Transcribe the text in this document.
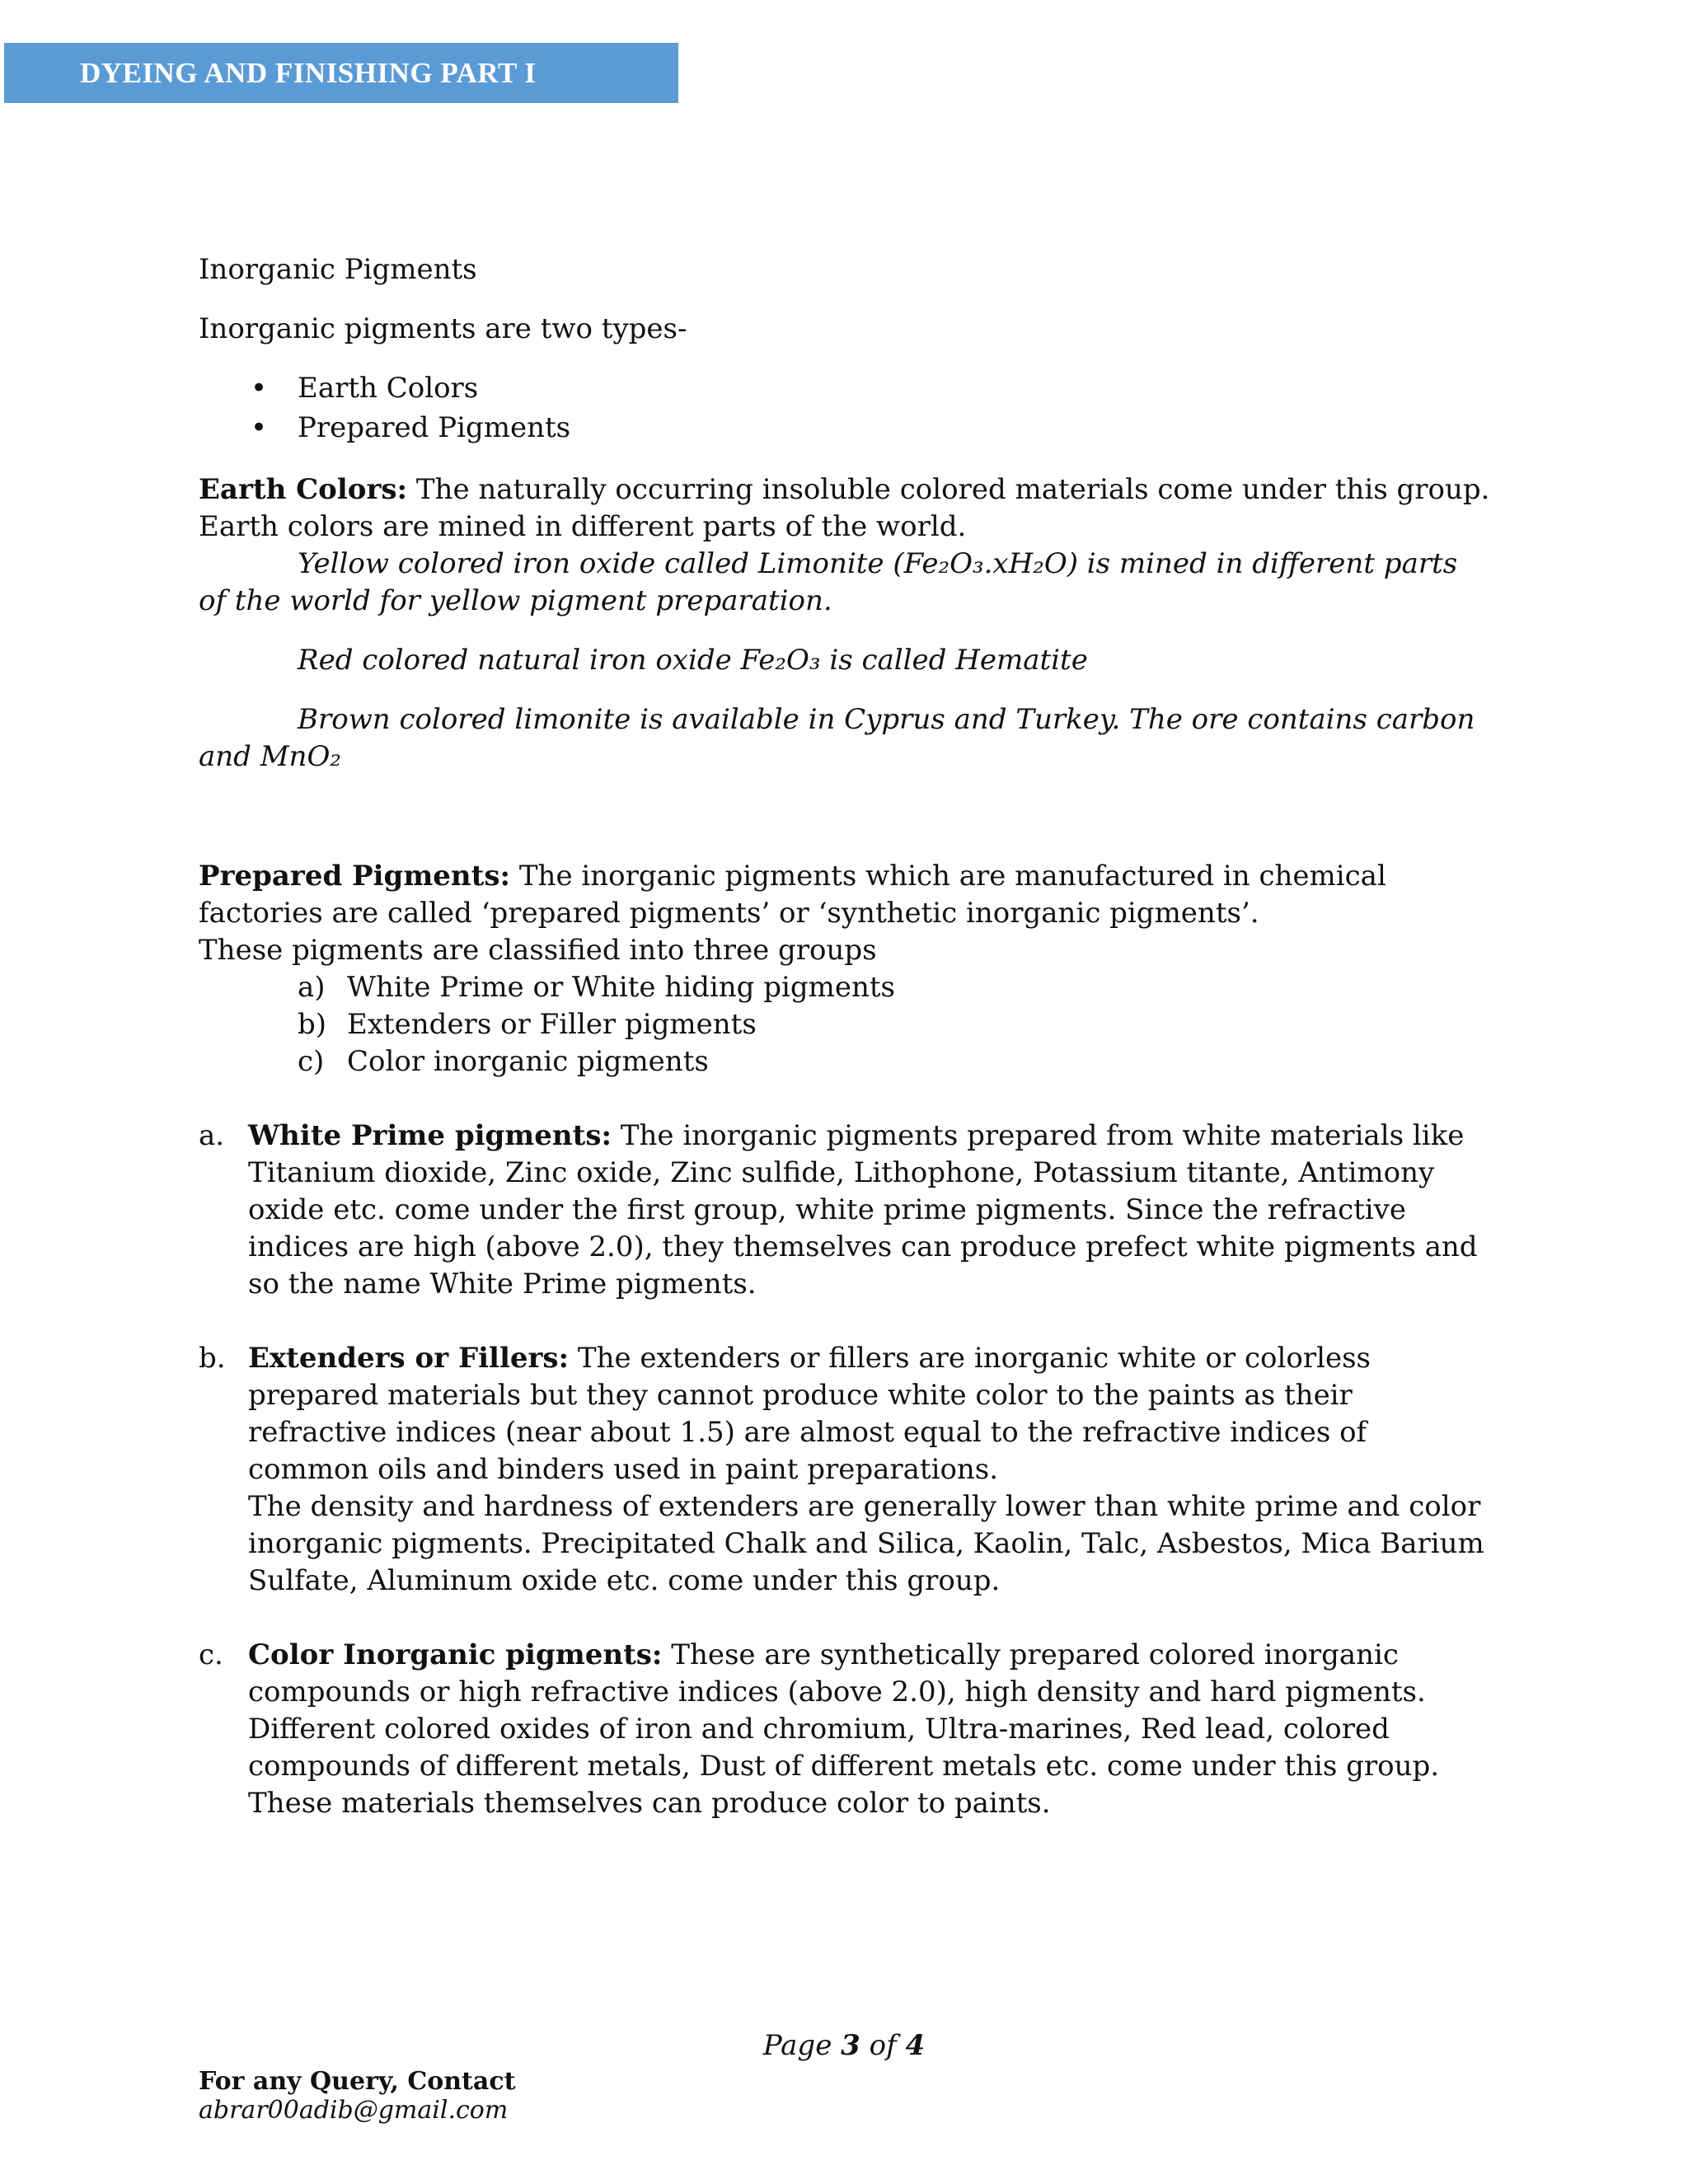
DYEING AND FINISHING PART I

Inorganic Pigments

Inorganic pigments are two types-

• Earth Colors
• Prepared Pigments

Earth Colors: The naturally occurring insoluble colored materials come under this group. Earth colors are mined in different parts of the world.

Yellow colored iron oxide called Limonite (Fe₂O₃.xH₂O) is mined in different parts of the world for yellow pigment preparation.

Red colored natural iron oxide Fe₂O₃ is called Hematite

Brown colored limonite is available in Cyprus and Turkey. The ore contains carbon and MnO₂

Prepared Pigments: The inorganic pigments which are manufactured in chemical factories are called ‘prepared pigments’ or ‘synthetic inorganic pigments’.

These pigments are classified into three groups

a) White Prime or White hiding pigments
b) Extenders or Filler pigments
c) Color inorganic pigments
a. White Prime pigments: The inorganic pigments prepared from white materials like Titanium dioxide, Zinc oxide, Zinc sulfide, Lithophone, Potassium titante, Antimony oxide etc. come under the first group, white prime pigments. Since the refractive indices are high (above 2.0), they themselves can produce prefect white pigments and so the name White Prime pigments.
b. Extenders or Fillers: The extenders or fillers are inorganic white or colorless prepared materials but they cannot produce white color to the paints as their refractive indices (near about 1.5) are almost equal to the refractive indices of common oils and binders used in paint preparations.
The density and hardness of extenders are generally lower than white prime and color inorganic pigments. Precipitated Chalk and Silica, Kaolin, Talc, Asbestos, Mica Barium Sulfate, Aluminum oxide etc. come under this group.
c. Color Inorganic pigments: These are synthetically prepared colored inorganic compounds or high refractive indices (above 2.0), high density and hard pigments. Different colored oxides of iron and chromium, Ultra-marines, Red lead, colored compounds of different metals, Dust of different metals etc. come under this group. These materials themselves can produce color to paints.
Page 3 of 4
For any Query, Contact
abrar00adib@gmail.com
